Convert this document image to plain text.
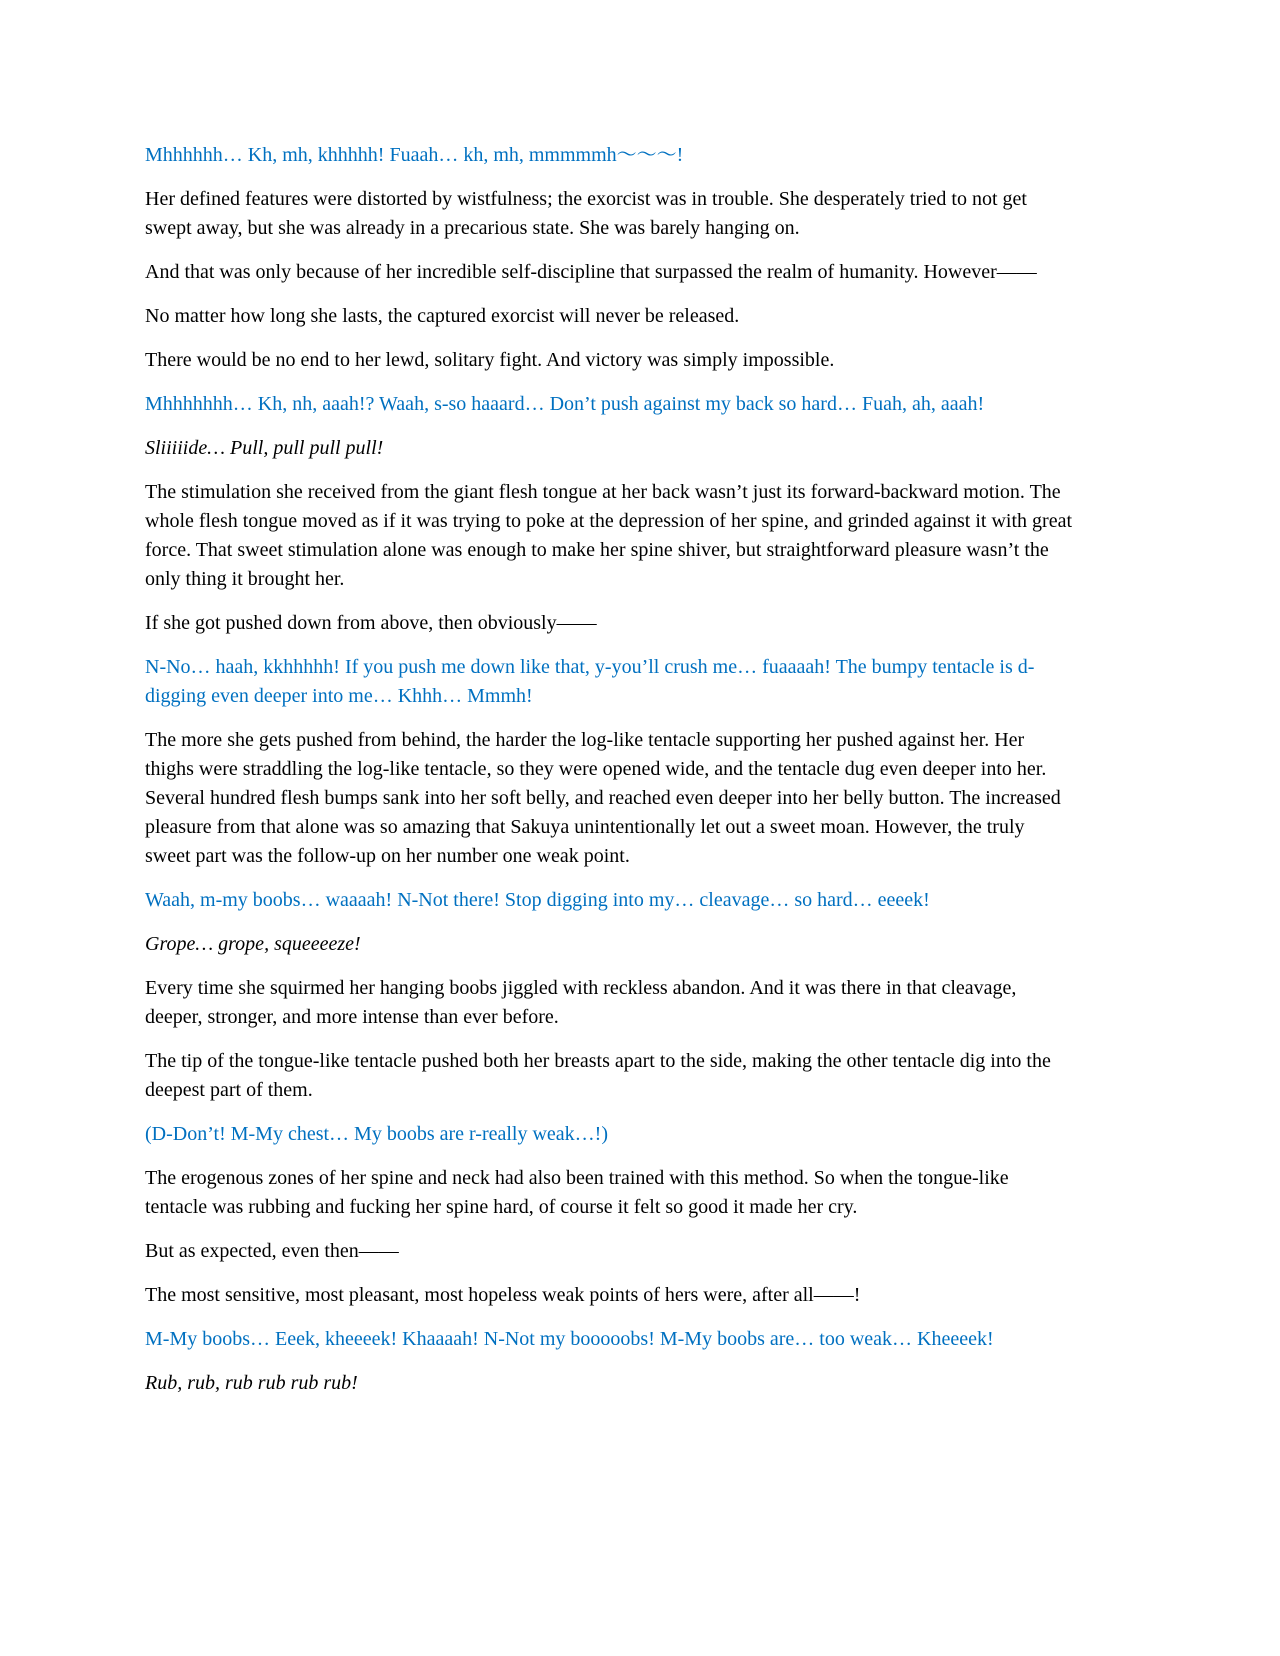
Mhhhhhh… Kh, mh, khhhhh! Fuaah… kh, mh, mmmmmh～～～!

Her defined features were distorted by wistfulness; the exorcist was in trouble. She desperately tried to not get swept away, but she was already in a precarious state. She was barely hanging on.

And that was only because of her incredible self-discipline that surpassed the realm of humanity. However——

No matter how long she lasts, the captured exorcist will never be released.

There would be no end to her lewd, solitary fight. And victory was simply impossible.

Mhhhhhhh… Kh, nh, aaah!? Waah, s-so haaard… Don’t push against my back so hard… Fuah, ah, aaah!

Sliiiiide… Pull, pull pull pull!

The stimulation she received from the giant flesh tongue at her back wasn’t just its forward-backward motion. The whole flesh tongue moved as if it was trying to poke at the depression of her spine, and grinded against it with great force. That sweet stimulation alone was enough to make her spine shiver, but straightforward pleasure wasn’t the only thing it brought her.

If she got pushed down from above, then obviously——

N-No… haah, kkhhhhh! If you push me down like that, y-you’ll crush me… fuaaaah! The bumpy tentacle is d-digging even deeper into me… Khhh… Mmmh!

The more she gets pushed from behind, the harder the log-like tentacle supporting her pushed against her. Her thighs were straddling the log-like tentacle, so they were opened wide, and the tentacle dug even deeper into her. Several hundred flesh bumps sank into her soft belly, and reached even deeper into her belly button. The increased pleasure from that alone was so amazing that Sakuya unintentionally let out a sweet moan. However, the truly sweet part was the follow-up on her number one weak point.

Waah, m-my boobs… waaaah! N-Not there! Stop digging into my… cleavage… so hard… eeeek!

Grope… grope, squeeeeze!

Every time she squirmed her hanging boobs jiggled with reckless abandon. And it was there in that cleavage, deeper, stronger, and more intense than ever before.

The tip of the tongue-like tentacle pushed both her breasts apart to the side, making the other tentacle dig into the deepest part of them.

(D-Don’t! M-My chest… My boobs are r-really weak…!)

The erogenous zones of her spine and neck had also been trained with this method. So when the tongue-like tentacle was rubbing and fucking her spine hard, of course it felt so good it made her cry.

But as expected, even then——

The most sensitive, most pleasant, most hopeless weak points of hers were, after all——!

M-My boobs… Eeek, kheeeek! Khaaaah! N-Not my booooobs! M-My boobs are… too weak… Kheeeek!

Rub, rub, rub rub rub rub!
